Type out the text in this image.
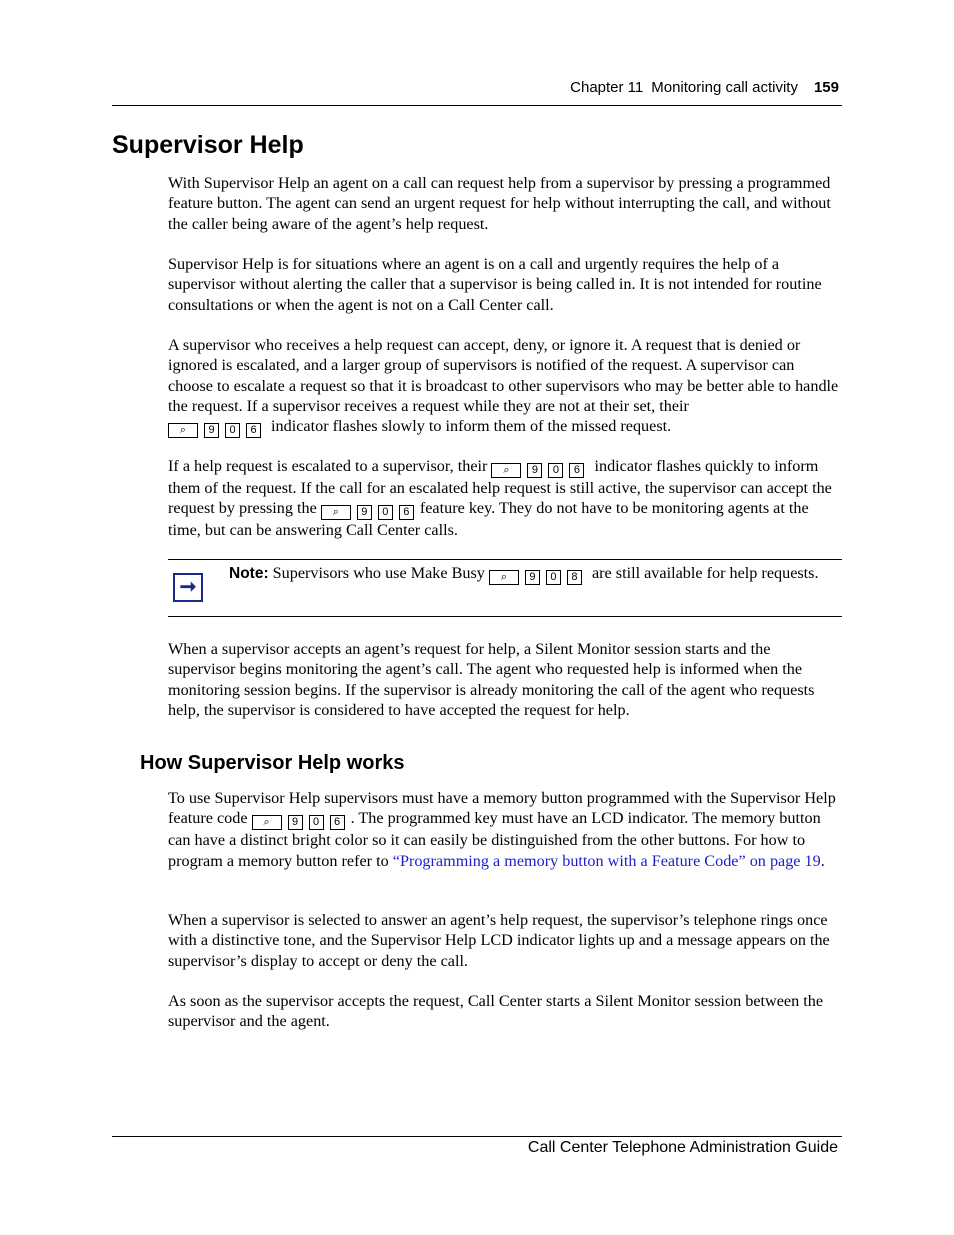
Chapter 11 Monitoring call activity 159
Supervisor Help

With Supervisor Help an agent on a call can request help from a supervisor by pressing a programmed feature button. The agent can send an urgent request for help without interrupting the call, and without the caller being aware of the agent’s help request.

Supervisor Help is for situations where an agent is on a call and urgently requires the help of a supervisor without alerting the caller that a supervisor is being called in. It is not intended for routine consultations or when the agent is not on a Call Center call.

A supervisor who receives a help request can accept, deny, or ignore it. A request that is denied or ignored is escalated, and a larger group of supervisors is notified of the request. A supervisor can choose to escalate a request so that it is broadcast to other supervisors who may be better able to handle the request. If a supervisor receives a request while they are not at their set, their
⌕ 9 0 6 indicator flashes slowly to inform them of the missed request.

If a help request is escalated to a supervisor, their ⌕ 9 0 6 indicator flashes quickly to inform them of the request. If the call for an escalated help request is still active, the supervisor can accept the request by pressing the ⌕ 9 0 6 feature key. They do not have to be monitoring agents at the time, but can be answering Call Center calls.

➞
Note: Supervisors who use Make Busy ⌕ 9 0 8 are still available for help requests.

When a supervisor accepts an agent’s request for help, a Silent Monitor session starts and the supervisor begins monitoring the agent’s call. The agent who requested help is informed when the monitoring session begins. If the supervisor is already monitoring the call of the agent who requests help, the supervisor is considered to have accepted the request for help.

How Supervisor Help works

To use Supervisor Help supervisors must have a memory button programmed with the Supervisor Help feature code ⌕ 9 0 6 . The programmed key must have an LCD indicator. The memory button can have a distinct bright color so it can easily be distinguished from the other buttons. For how to program a memory button refer to “Programming a memory button with a Feature Code” on page 19.

When a supervisor is selected to answer an agent’s help request, the supervisor’s telephone rings once with a distinctive tone, and the Supervisor Help LCD indicator lights up and a message appears on the supervisor’s display to accept or deny the call.

As soon as the supervisor accepts the request, Call Center starts a Silent Monitor session between the supervisor and the agent.

Call Center Telephone Administration Guide
